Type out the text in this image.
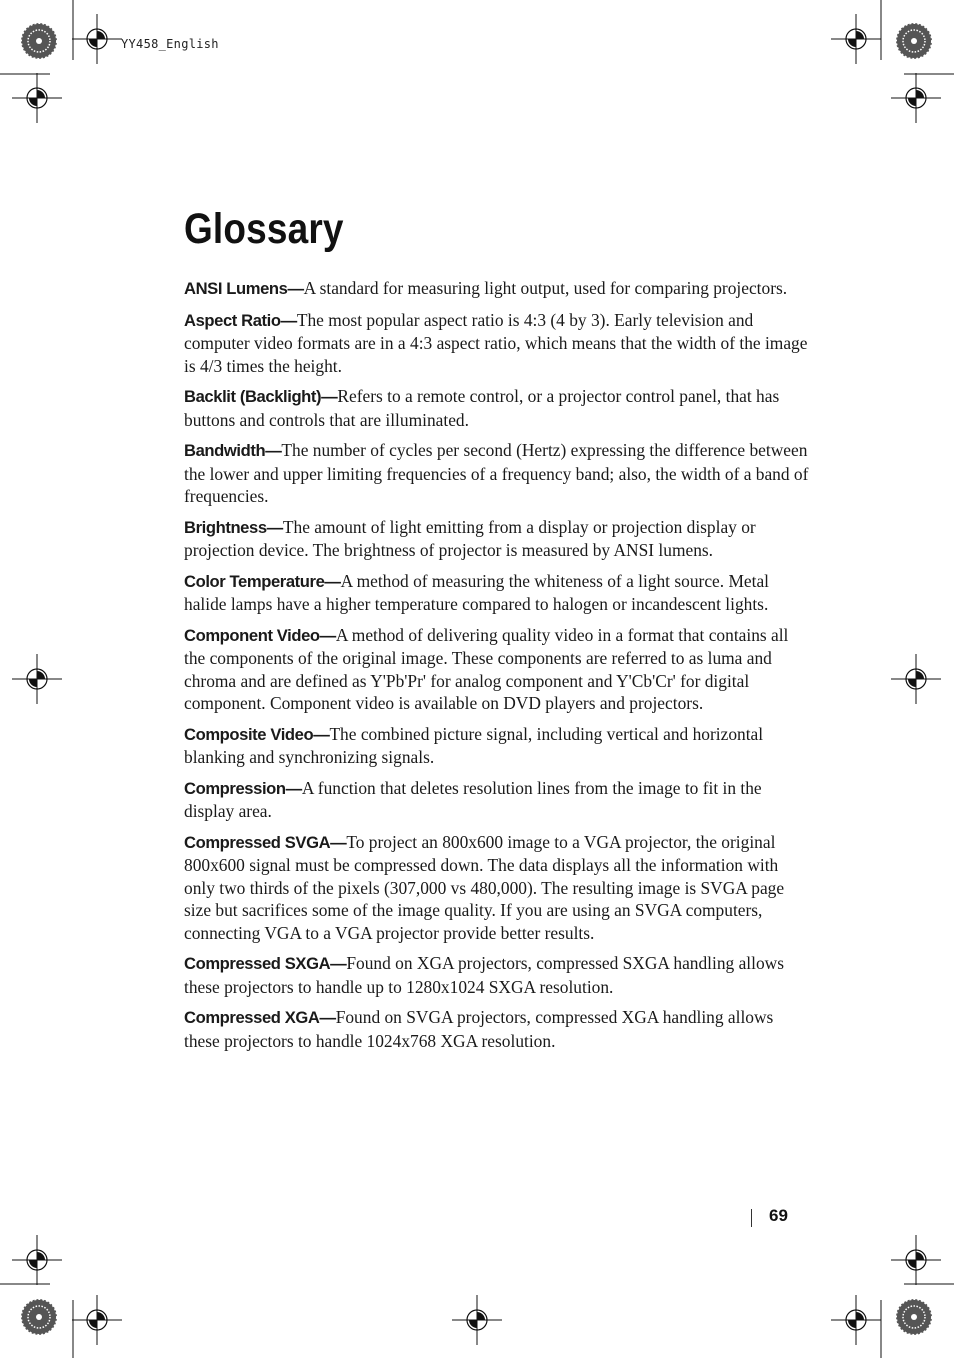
YY458_English
Glossary

ANSI Lumens—A standard for measuring light output, used for comparing projectors.

Aspect Ratio—The most popular aspect ratio is 4:3 (4 by 3). Early television and computer video formats are in a 4:3 aspect ratio, which means that the width of the image is 4/3 times the height.

Backlit (Backlight)—Refers to a remote control, or a projector control panel, that has buttons and controls that are illuminated.

Bandwidth—The number of cycles per second (Hertz) expressing the difference between the lower and upper limiting frequencies of a frequency band; also, the width of a band of frequencies.

Brightness—The amount of light emitting from a display or projection display or projection device. The brightness of projector is measured by ANSI lumens.

Color Temperature—A method of measuring the whiteness of a light source. Metal halide lamps have a higher temperature compared to halogen or incandescent lights.

Component Video—A method of delivering quality video in a format that contains all the components of the original image. These components are referred to as luma and chroma and are defined as Y'Pb'Pr' for analog component and Y'Cb'Cr' for digital component. Component video is available on DVD players and projectors.

Composite Video—The combined picture signal, including vertical and horizontal blanking and synchronizing signals.

Compression—A function that deletes resolution lines from the image to fit in the display area.

Compressed SVGA—To project an 800x600 image to a VGA projector, the original 800x600 signal must be compressed down. The data displays all the information with only two thirds of the pixels (307,000 vs 480,000). The resulting image is SVGA page size but sacrifices some of the image quality. If you are using an SVGA computers, connecting VGA to a VGA projector provide better results.

Compressed SXGA—Found on XGA projectors, compressed SXGA handling allows these projectors to handle up to 1280x1024 SXGA resolution.

Compressed XGA—Found on SVGA projectors, compressed XGA handling allows these projectors to handle 1024x768 XGA resolution.

69
